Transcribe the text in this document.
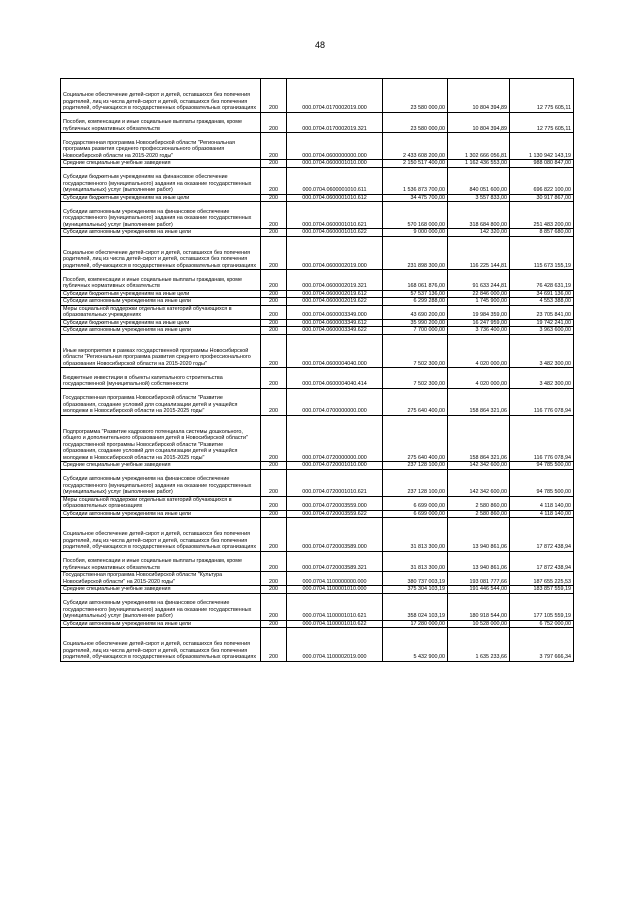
48
Социальное обеспечение детей-сирот и детей, оставшихся без попечения родителей, лиц из числа детей-сирот и детей, оставшихся без попечения родителей, обучающихся в государственных образовательных организациях	200	000.0704.0170002019.000	23 580 000,00	10 804 394,89	12 775 605,11
Пособия, компенсации и иные социальные выплаты гражданам, кроме публичных нормативных обязательств	200	000.0704.0170002019.321	23 580 000,00	10 804 394,89	12 775 605,11
Государственная программа Новосибирской области "Региональная программа развития среднего профессионального образования Новосибирской области на 2015-2020 годы"	200	000.0704.0600000000.000	2 433 608 200,00	1 302 666 056,81	1 130 942 143,19
Средние специальные учебные заведения	200	000.0704.0600001010.000	2 150 517 400,00	1 162 436 553,00	988 080 847,00
Субсидии бюджетным учреждениям на финансовое обеспечение государственного (муниципального) задания на оказание государственных (муниципальных) услуг (выполнение работ)	200	000.0704.0600001010.611	1 536 873 700,00	840 051 600,00	696 822 100,00
Субсидии бюджетным учреждениям на иные цели	200	000.0704.0600001010.612	34 475 700,00	3 557 833,00	30 917 867,00
Субсидии автономным учреждениям на финансовое обеспечение государственного (муниципального) задания на оказание государственных (муниципальных) услуг (выполнение работ)	200	000.0704.0600001010.621	570 168 000,00	318 684 800,00	251 483 200,00
Субсидии автономным учреждениям на иные цели	200	000.0704.0600001010.622	9 000 000,00	142 320,00	8 857 680,00
Социальное обеспечение детей-сирот и детей, оставшихся без попечения родителей, лиц из числа детей-сирот и детей, оставшихся без попечения родителей, обучающихся в государственных образовательных организациях	200	000.0704.0600002019.000	231 898 300,00	116 225 144,81	115 673 155,19
Пособия, компенсации и иные социальные выплаты гражданам, кроме публичных нормативных обязательств	200	000.0704.0600002019.321	168 061 876,00	91 633 244,81	76 428 631,19
Субсидии бюджетным учреждениям на иные цели	200	000.0704.0600002019.612	57 537 136,00	22 846 000,00	34 691 136,00
Субсидии автономным учреждениям на иные цели	200	000.0704.0600002019.622	6 299 288,00	1 745 900,00	4 553 388,00
Меры социальной поддержки отдельных категорий обучающихся в образовательных учреждениях	200	000.0704.0600003349.000	43 690 200,00	19 984 359,00	23 705 841,00
Субсидии бюджетным учреждениям на иные цели	200	000.0704.0600003349.612	35 990 200,00	16 247 959,00	19 742 241,00
Субсидии автономным учреждениям на иные цели	200	000.0704.0600003349.622	7 700 000,00	3 736 400,00	3 963 600,00
Иные мероприятия в рамках государственной программы Новосибирской области "Региональная программа развития среднего профессионального образования Новосибирской области на 2015-2020 годы"	200	000.0704.0600004040.000	7 502 300,00	4 020 000,00	3 482 300,00
Бюджетные инвестиции в объекты капитального строительства государственной (муниципальной) собственности	200	000.0704.0600004040.414	7 502 300,00	4 020 000,00	3 482 300,00
Государственная программа Новосибирской области "Развитие образования, создание условий для социализации детей и учащейся молодежи в Новосибирской области на 2015-2025 годы"	200	000.0704.0700000000.000	275 640 400,00	158 864 321,06	116 776 078,94
Подпрограмма "Развитие кадрового потенциала системы дошкольного, общего и дополнительного образования детей в Новосибирской области" государственной программы Новосибирской области "Развитие образования, создание условий для социализации детей и учащейся молодежи в Новосибирской области на 2015-2025 годы"	200	000.0704.0720000000.000	275 640 400,00	158 864 321,06	116 776 078,94
Средние специальные учебные заведения	200	000.0704.0720001010.000	237 128 100,00	142 342 600,00	94 785 500,00
Субсидии автономным учреждениям на финансовое обеспечение государственного (муниципального) задания на оказание государственных (муниципальных) услуг (выполнение работ)	200	000.0704.0720001010.621	237 128 100,00	142 342 600,00	94 785 500,00
Меры социальной поддержки отдельных категорий обучающихся в образовательных организациях	200	000.0704.0720003559.000	6 699 000,00	2 580 860,00	4 118 140,00
Субсидии автономным учреждениям на иные цели	200	000.0704.0720003559.622	6 699 000,00	2 580 860,00	4 118 140,00
Социальное обеспечение детей-сирот и детей, оставшихся без попечения родителей, лиц из числа детей-сирот и детей, оставшихся без попечения родителей, обучающихся в государственных образовательных организациях	200	000.0704.0720003589.000	31 813 300,00	13 940 861,06	17 872 438,94
Пособия, компенсации и иные социальные выплаты гражданам, кроме публичных нормативных обязательств	200	000.0704.0720003589.321	31 813 300,00	13 940 861,06	17 872 438,94
Государственная программа Новосибирской области "Культура Новосибирской области" на 2015-2020 годы"	200	000.0704.1100000000.000	380 737 003,19	193 081 777,66	187 655 225,53
Средние специальные учебные заведения	200	000.0704.1100001010.000	375 304 103,19	191 446 544,00	183 857 559,19
Субсидии автономным учреждениям на финансовое обеспечение государственного (муниципального) задания на оказание государственных (муниципальных) услуг (выполнение работ)	200	000.0704.1100001010.621	358 024 103,19	180 918 544,00	177 105 559,19
Субсидии автономным учреждениям на иные цели	200	000.0704.1100001010.622	17 280 000,00	10 528 000,00	6 752 000,00
Социальное обеспечение детей-сирот и детей, оставшихся без попечения родителей, лиц из числа детей-сирот и детей, оставшихся без попечения родителей, обучающихся в государственных образовательных организациях	200	000.0704.1100002019.000	5 432 900,00	1 635 233,66	3 797 666,34
